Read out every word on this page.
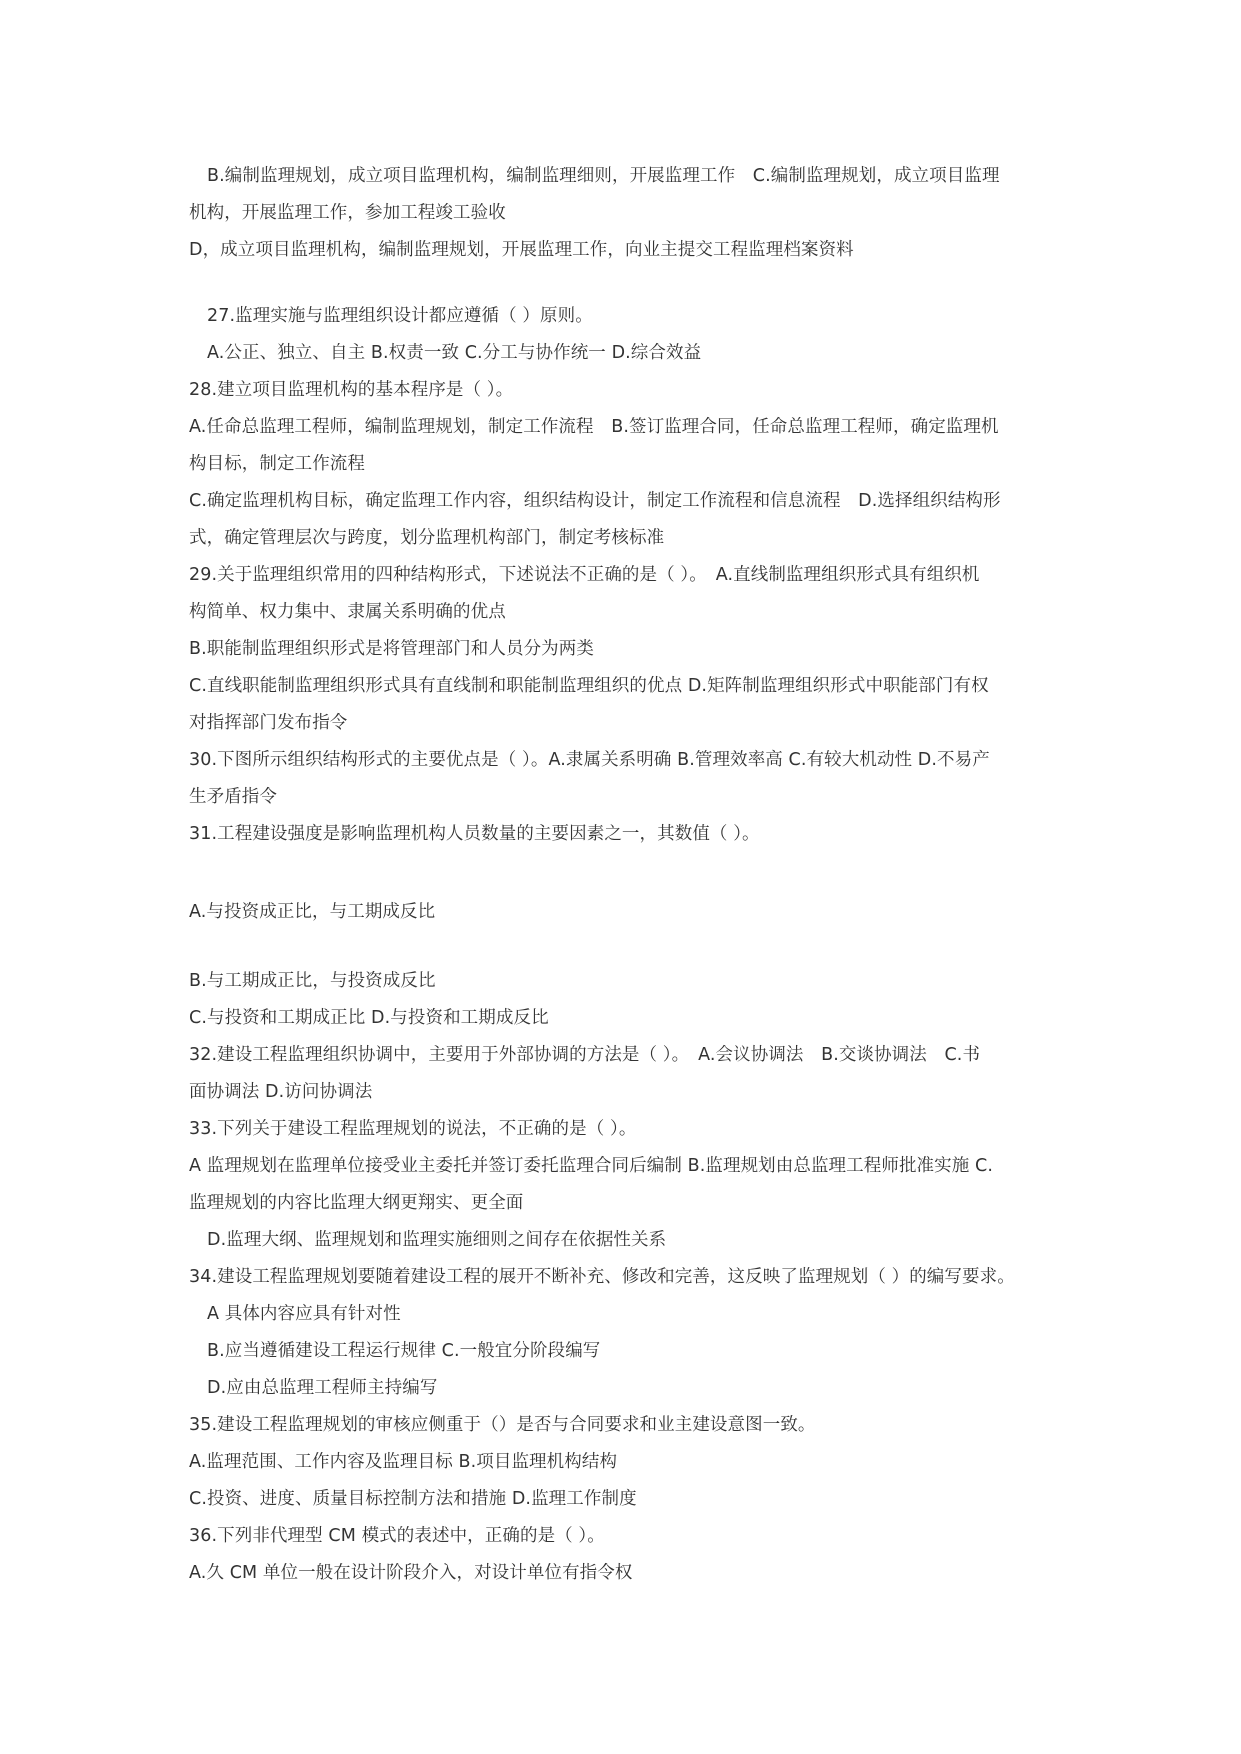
B.编制监理规划，成立项目监理机构，编制监理细则，开展监理工作　C.编制监理规划，成立项目监理
机构，开展监理工作，参加工程竣工验收
D，成立项目监理机构，编制监理规划，开展监理工作，向业主提交工程监理档案资料
27.监理实施与监理组织设计都应遵循（ ）原则。
A.公正、独立、自主 B.权责一致 C.分工与协作统一 D.综合效益
28.建立项目监理机构的基本程序是（ ）。
A.任命总监理工程师，编制监理规划，制定工作流程　B.签订监理合同，任命总监理工程师，确定监理机
构目标，制定工作流程
C.确定监理机构目标，确定监理工作内容，组织结构设计，制定工作流程和信息流程　D.选择组织结构形
式，确定管理层次与跨度，划分监理机构部门，制定考核标准
29.关于监理组织常用的四种结构形式，下述说法不正确的是（ ）。　A.直线制监理组织形式具有组织机
构简单、权力集中、隶属关系明确的优点
B.职能制监理组织形式是将管理部门和人员分为两类
C.直线职能制监理组织形式具有直线制和职能制监理组织的优点 D.矩阵制监理组织形式中职能部门有权
对指挥部门发布指令
30.下图所示组织结构形式的主要优点是（ ）。A.隶属关系明确 B.管理效率高 C.有较大机动性 D.不易产
生矛盾指令
31.工程建设强度是影响监理机构人员数量的主要因素之一，其数值（ ）。
A.与投资成正比，与工期成反比
B.与工期成正比，与投资成反比
C.与投资和工期成正比 D.与投资和工期成反比
32.建设工程监理组织协调中，主要用于外部协调的方法是（ ）。　A.会议协调法　B.交谈协调法　C.书
面协调法 D.访问协调法
33.下列关于建设工程监理规划的说法，不正确的是（ ）。
A 监理规划在监理单位接受业主委托并签订委托监理合同后编制 B.监理规划由总监理工程师批准实施 C.
监理规划的内容比监理大纲更翔实、更全面
D.监理大纲、监理规划和监理实施细则之间存在依据性关系
34.建设工程监理规划要随着建设工程的展开不断补充、修改和完善，这反映了监理规划（ ）的编写要求。
A 具体内容应具有针对性
B.应当遵循建设工程运行规律 C.一般宜分阶段编写
D.应由总监理工程师主持编写
35.建设工程监理规划的审核应侧重于（）是否与合同要求和业主建设意图一致。
A.监理范围、工作内容及监理目标 B.项目监理机构结构
C.投资、进度、质量目标控制方法和措施 D.监理工作制度
36.下列非代理型 CM 模式的表述中，正确的是（ ）。
A.久 CM 单位一般在设计阶段介入，对设计单位有指令权
